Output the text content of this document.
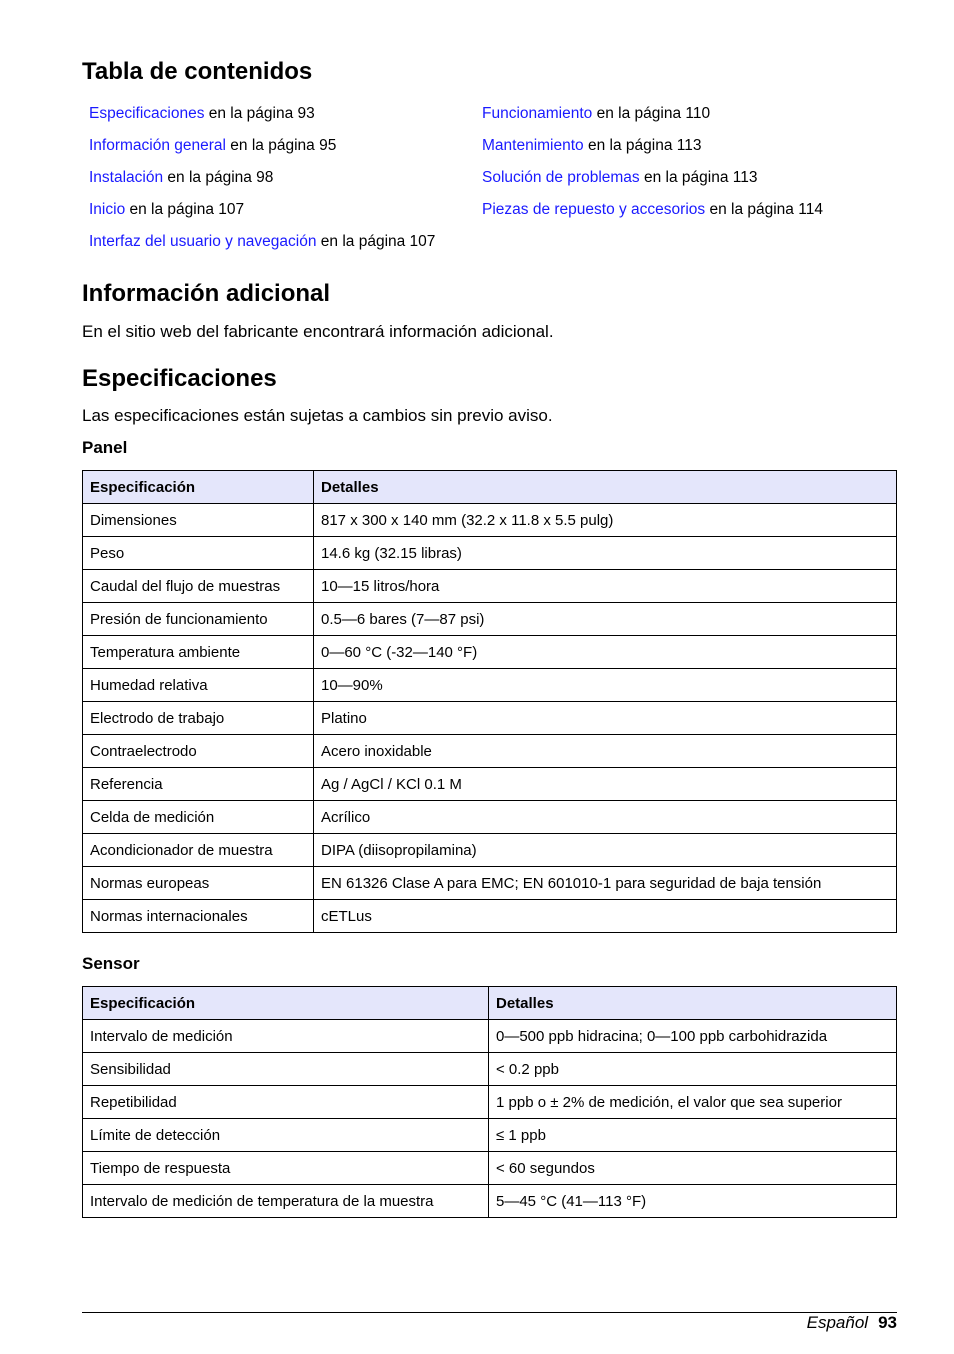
Tabla de contenidos
Especificaciones en la página 93
Información general en la página 95
Instalación en la página 98
Inicio en la página 107
Interfaz del usuario y navegación en la página 107
Funcionamiento en la página 110
Mantenimiento en la página 113
Solución de problemas en la página 113
Piezas de repuesto y accesorios en la página 114
Información adicional

En el sitio web del fabricante encontrará información adicional.

Especificaciones

Las especificaciones están sujetas a cambios sin previo aviso.

Panel
Especificación	Detalles
Dimensiones	817 x 300 x 140 mm (32.2 x 11.8 x 5.5 pulg)
Peso	14.6 kg (32.15 libras)
Caudal del flujo de muestras	10—15 litros/hora
Presión de funcionamiento	0.5—6 bares (7—87 psi)
Temperatura ambiente	0—60 °C (-32—140 °F)
Humedad relativa	10—90%
Electrodo de trabajo	Platino
Contraelectrodo	Acero inoxidable
Referencia	Ag / AgCl / KCl 0.1 M
Celda de medición	Acrílico
Acondicionador de muestra	DIPA (diisopropilamina)
Normas europeas	EN 61326 Clase A para EMC; EN 601010-1 para seguridad de baja tensión
Normas internacionales	cETLus
Sensor
Especificación	Detalles
Intervalo de medición	0—500 ppb hidracina; 0—100 ppb carbohidrazida
Sensibilidad	< 0.2 ppb
Repetibilidad	1 ppb o ± 2% de medición, el valor que sea superior
Límite de detección	≤ 1 ppb
Tiempo de respuesta	< 60 segundos
Intervalo de medición de temperatura de la muestra	5—45 °C (41—113 °F)
Español 93
